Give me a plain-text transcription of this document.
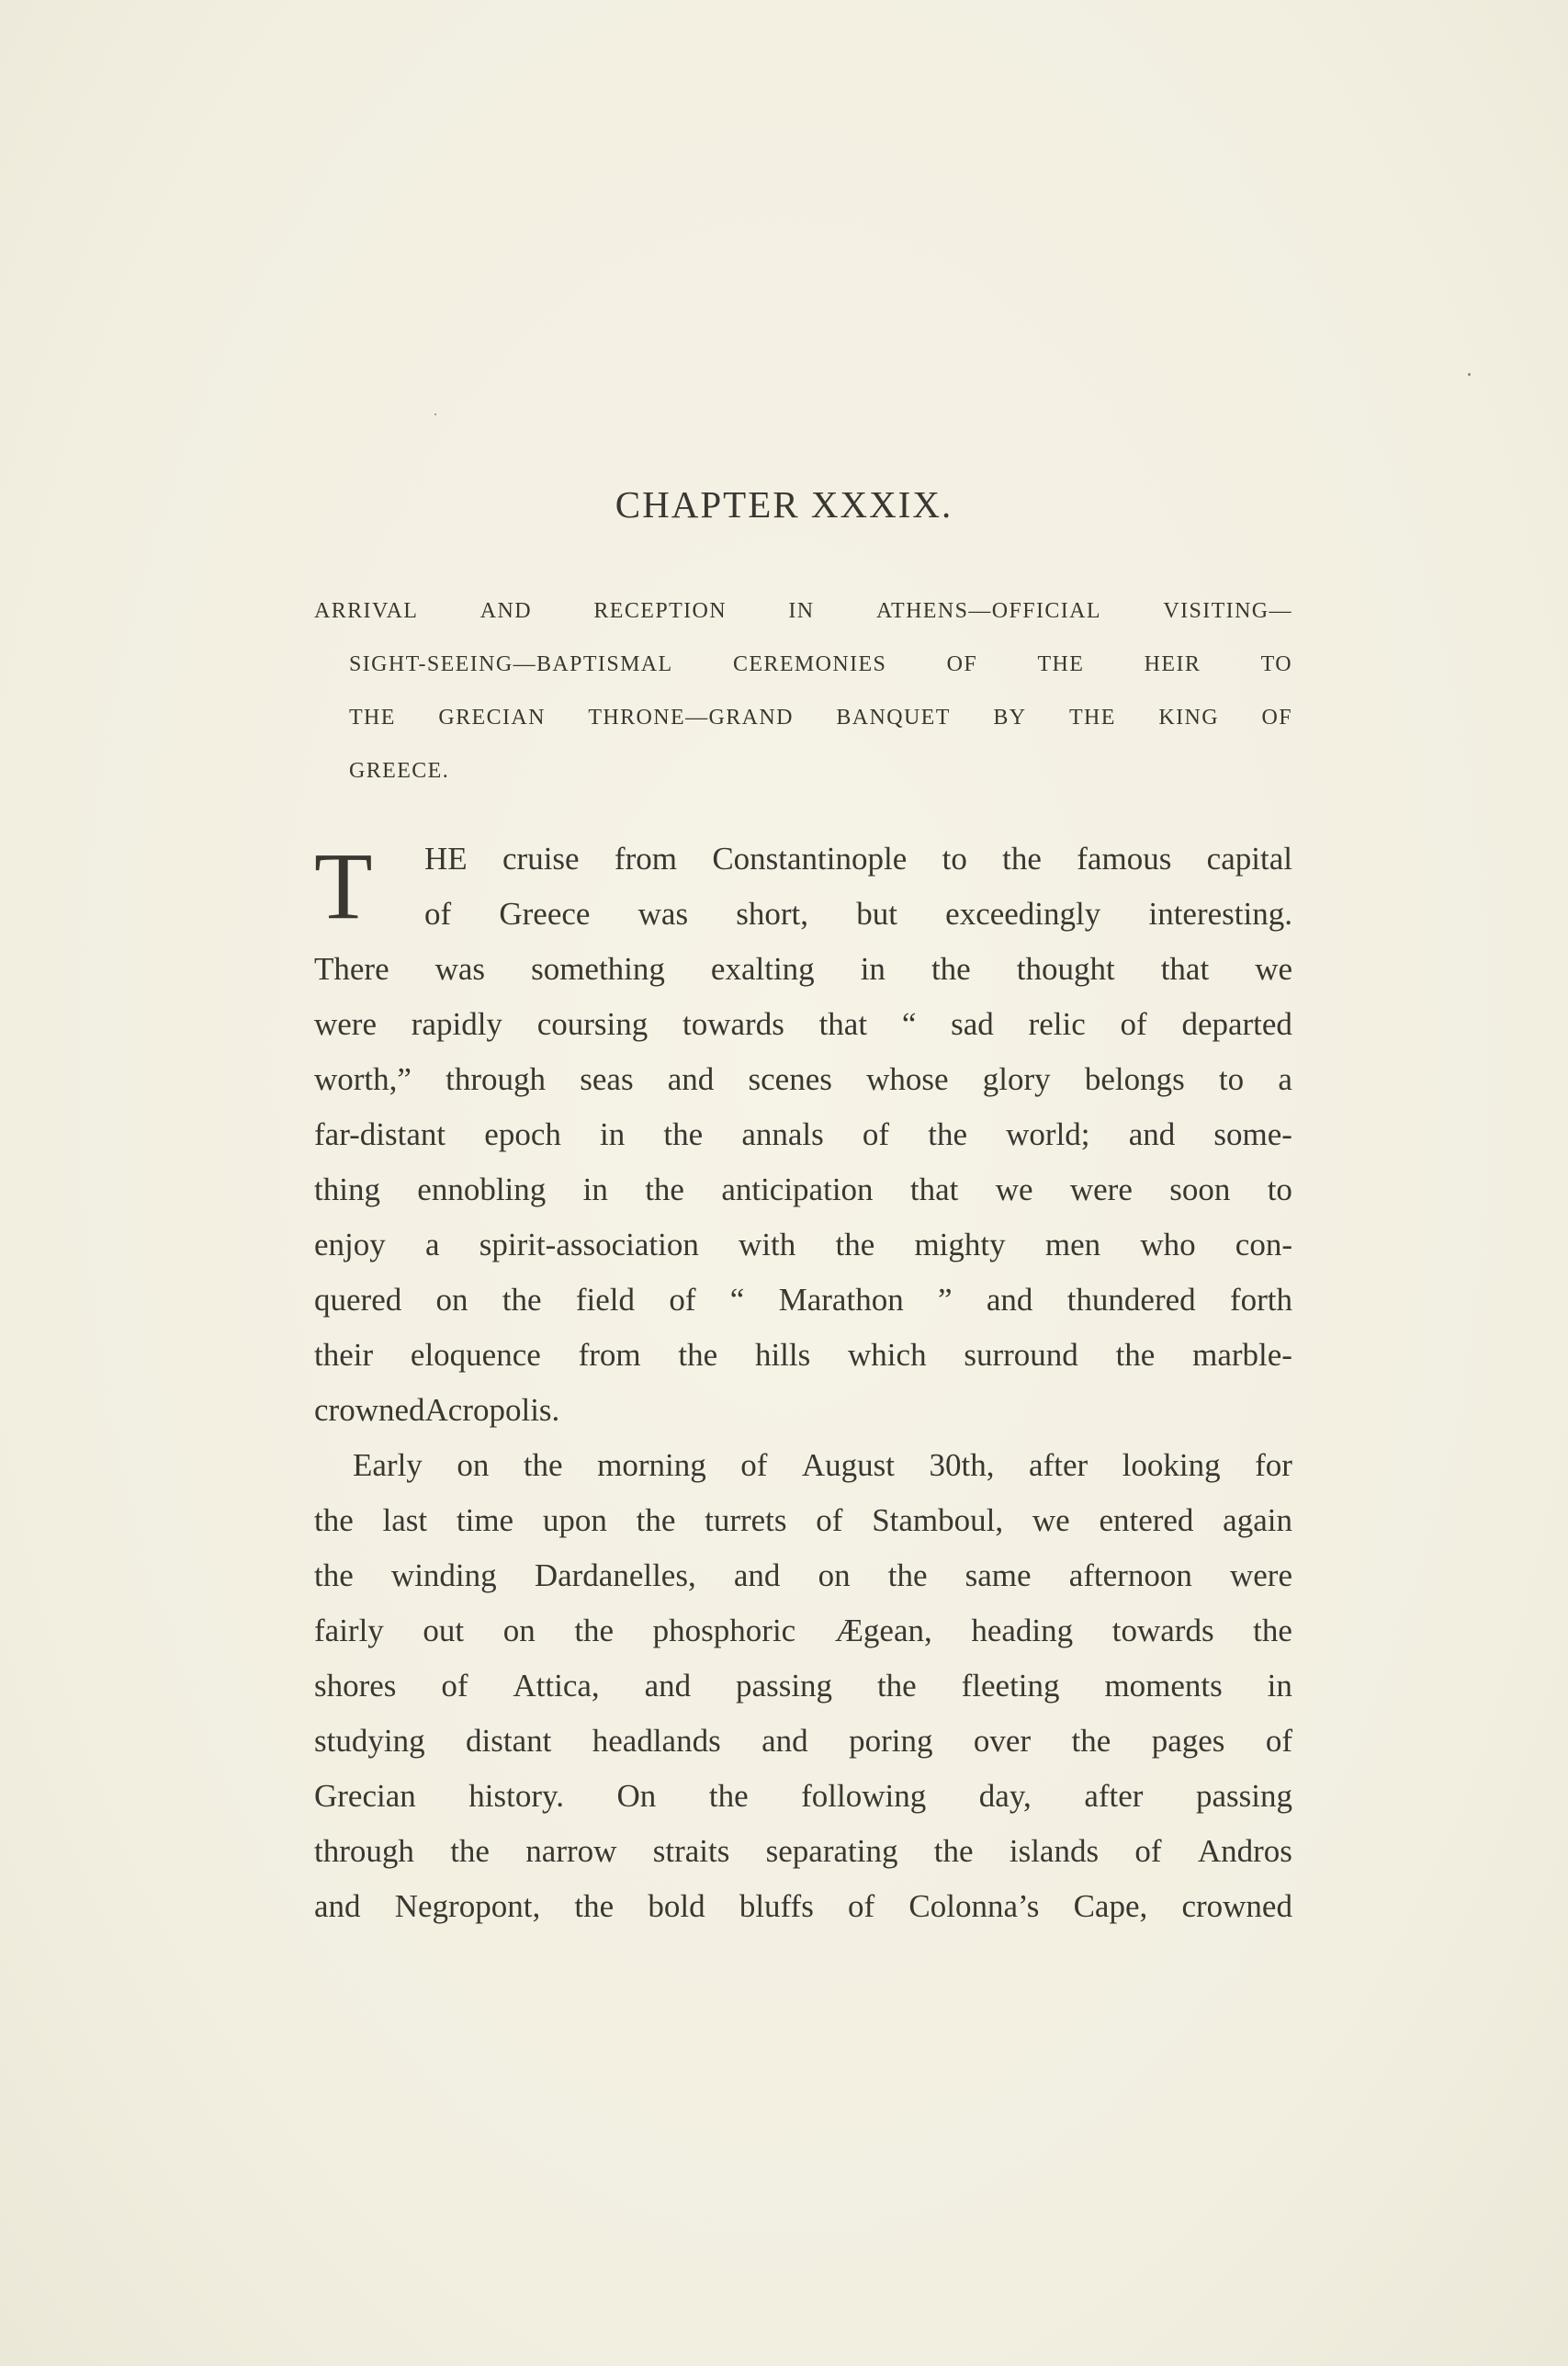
CHAPTER XXXIX.
ARRIVAL	AND	RECEPTION	IN	ATHENS—OFFICIAL	VISITING—
SIGHT-SEEING—BAPTISMAL	CEREMONIES	OF	THE	HEIR	TO
THE GRECIAN THRONE—GRAND BANQUET BY THE KING OF
GREECE.
T HE cruise from Constantinople to the famous capital
of Greece was short, but exceedingly interesting.
There was something exalting in the thought that we
were rapidly coursing towards that “ sad relic of departed
worth,” through seas and scenes whose glory belongs to a
far-distant epoch in the annals of the world; and some-
thing ennobling in the anticipation that we were soon to
enjoy a spirit-association with the mighty men who con-
quered on the field of “ Marathon ” and thundered forth
their eloquence from the hills which surround the marble-
crowned Acropolis.
Early on the morning of August 30th, after looking for
the last time upon the turrets of Stamboul, we entered again
the winding Dardanelles, and on the same afternoon were
fairly out on the phosphoric Ægean, heading towards the
shores of Attica, and passing the fleeting moments in
studying distant headlands and poring over the pages of
Grecian history. On the following day, after passing
through the narrow straits separating the islands of Andros
and Negropont, the bold bluffs of Colonna’s Cape, crowned
